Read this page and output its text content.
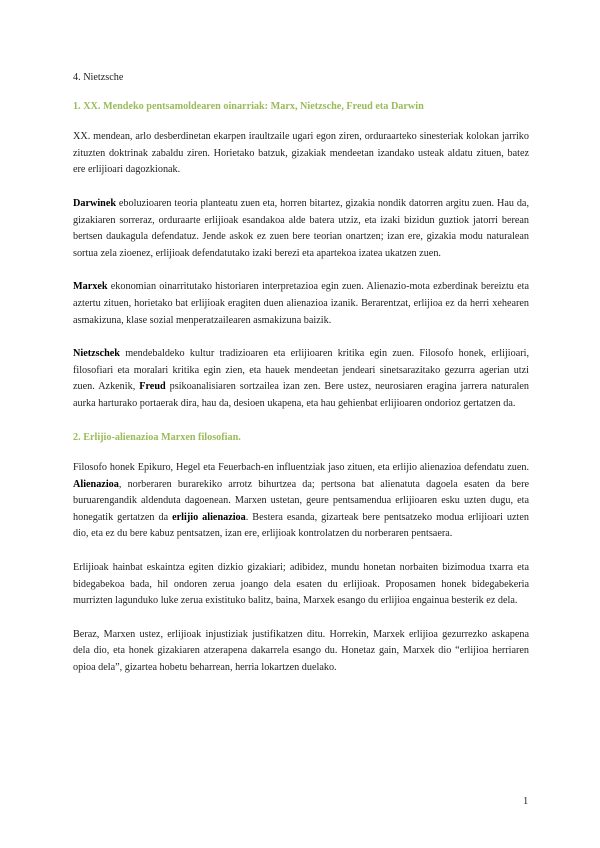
4. Nietzsche
1. XX. Mendeko pentsamoldearen oinarriak: Marx, Nietzsche, Freud eta Darwin

XX. mendean, arlo desberdinetan ekarpen iraultzaile ugari egon ziren, orduraarteko sinesteriak kolokan jarriko zituzten doktrinak zabaldu ziren. Horietako batzuk, gizakiak mendeetan izandako usteak aldatu zituen, batez ere erlijioari dagozkionak.

Darwinek eboluzioaren teoria planteatu zuen eta, horren bitartez, gizakia nondik datorren argitu zuen. Hau da, gizakiaren sorreraz, orduraarte erlijioak esandakoa alde batera utziz, eta izaki bizidun guztiok jatorri berean bertsen daukagula defendatuz. Jende askok ez zuen bere teorian onartzen; izan ere, gizakia modu naturalean sortua zela zioenez, erlijioak defendatutako izaki berezi eta apartekoa izatea ukatzen zuen.

Marxek ekonomian oinarritutako historiaren interpretazioa egin zuen. Alienazio-mota ezberdinak bereiztu eta aztertu zituen, horietako bat erlijioak eragiten duen alienazioa izanik. Berarentzat, erlijioa ez da herri xehearen asmakizuna, klase sozial menperatzailearen asmakizuna baizik.

Nietzschek mendebaldeko kultur tradizioaren eta erlijioaren kritika egin zuen. Filosofo honek, erlijioari, filosofiari eta moralari kritika egin zien, eta hauek mendeetan jendeari sinetsarazitako gezurra agerian utzi zuen. Azkenik, Freud psikoanalisiaren sortzailea izan zen. Bere ustez, neurosiaren eragina jarrera naturalen aurka harturako portaerak dira, hau da, desioen ukapena, eta hau gehienbat erlijioaren ondorioz gertatzen da.

2. Erlijio-alienazioa Marxen filosofian.

Filosofo honek Epikuro, Hegel eta Feuerbach-en influentziak jaso zituen, eta erlijio alienazioa defendatu zuen. Alienazioa, norberaren burarekiko arrotz bihurtzea da; pertsona bat alienatuta dagoela esaten da bere buruarengandik aldenduta dagoenean. Marxen ustetan, geure pentsamendua erlijioaren esku uzten dugu, eta honegatik gertatzen da erlijio alienazioa. Bestera esanda, gizarteak bere pentsatzeko modua erlijioari uzten dio, eta ez du bere kabuz pentsatzen, izan ere, erlijioak kontrolatzen du norberaren pentsaera.

Erlijioak hainbat eskaintza egiten dizkio gizakiari; adibidez, mundu honetan norbaiten bizimodua txarra eta bidegabekoa bada, hil ondoren zerua joango dela esaten du erlijioak. Proposamen honek bidegabekeria murrizten lagunduko luke zerua existituko balitz, baina, Marxek esango du erlijioa engainua besterik ez dela.

Beraz, Marxen ustez, erlijioak injustiziak justifikatzen ditu. Horrekin, Marxek erlijioa gezurrezko askapena dela dio, eta honek gizakiaren atzerapena dakarrela esango du. Honetaz gain, Marxek dio “erlijioa herriaren opioa dela”, gizartea hobetu beharrean, herria lokartzen duelako.

1
